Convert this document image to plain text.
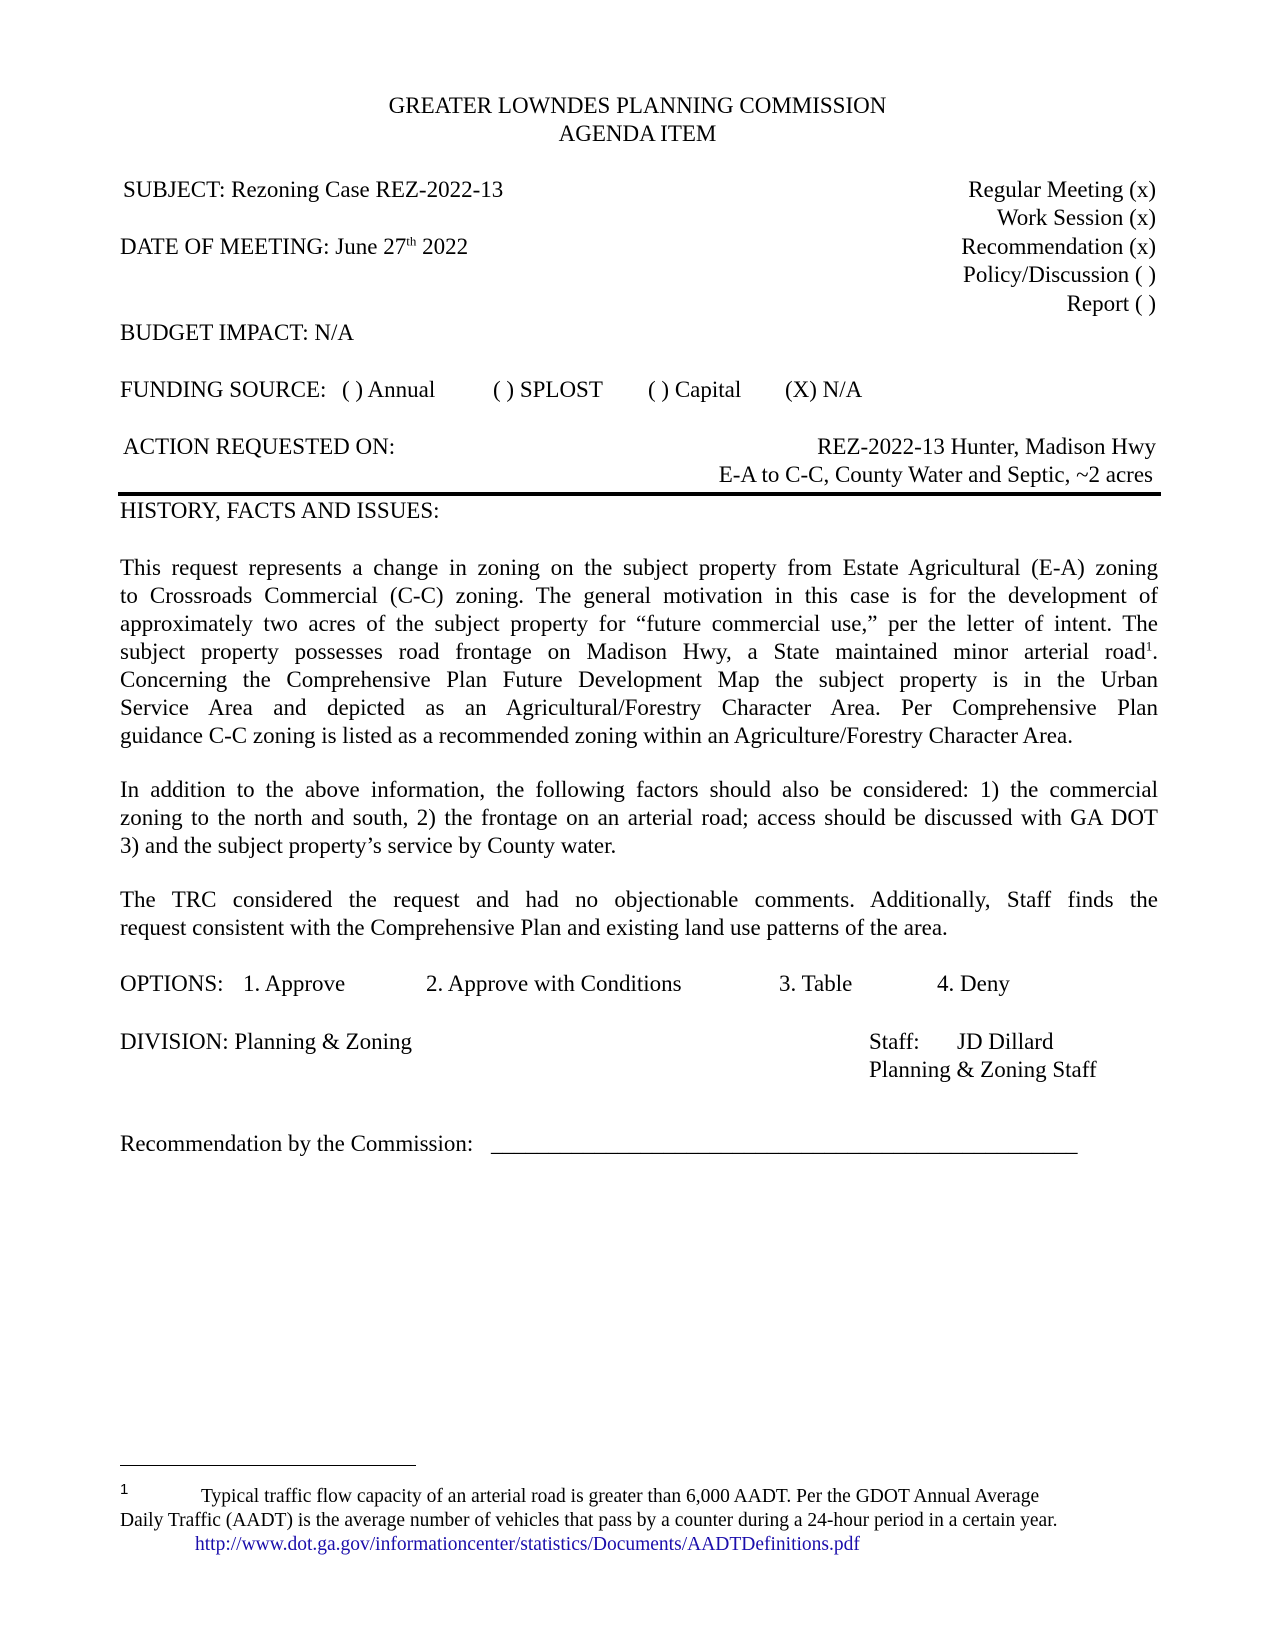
GREATER LOWNDES PLANNING COMMISSION
AGENDA ITEM
SUBJECT: Rezoning Case REZ-2022-13
DATE OF MEETING: June 27th 2022
Regular Meeting (x)
Work Session (x)
Recommendation (x)
Policy/Discussion ( )
Report ( )
BUDGET IMPACT: N/A
FUNDING SOURCE: ( ) Annual	( ) SPLOST ( ) Capital (X) N/A
ACTION REQUESTED ON:	REZ-2022-13 Hunter, Madison Hwy
E-A to C-C, County Water and Septic, ~2 acres
HISTORY, FACTS AND ISSUES:
This request represents a change in zoning on the subject property from Estate Agricultural (E-A) zoning
to Crossroads Commercial (C-C) zoning. The general motivation in this case is for the development of
approximately two acres of the subject property for “future commercial use,” per the letter of intent. The
subject property possesses road frontage on Madison Hwy, a State maintained minor arterial road$^1$.
Concerning the Comprehensive Plan Future Development Map the subject property is in the Urban
Service Area and depicted as an Agricultural/Forestry Character Area. Per Comprehensive Plan
guidance C-C zoning is listed as a recommended zoning within an Agriculture/Forestry Character Area.
In addition to the above information, the following factors should also be considered: 1) the commercial
zoning to the north and south, 2) the frontage on an arterial road; access should be discussed with GA DOT
3) and the subject property’s service by County water.
The TRC considered the request and had no objectionable comments. Additionally, Staff finds the
request consistent with the Comprehensive Plan and existing land use patterns of the area.
OPTIONS: 1. Approve	2. Approve with Conditions	3. Table	4. Deny
DIVISION: Planning & Zoning	Staff: JD Dillard
Planning & Zoning Staff
Recommendation by the Commission: ___________________________________________________
1	Typical traffic flow capacity of an arterial road is greater than 6,000 AADT. Per the GDOT Annual Average
Daily Traffic (AADT) is the average number of vehicles that pass by a counter during a 24-hour period in a certain year.
http://www.dot.ga.gov/informationcenter/statistics/Documents/AADTDefinitions.pdf
